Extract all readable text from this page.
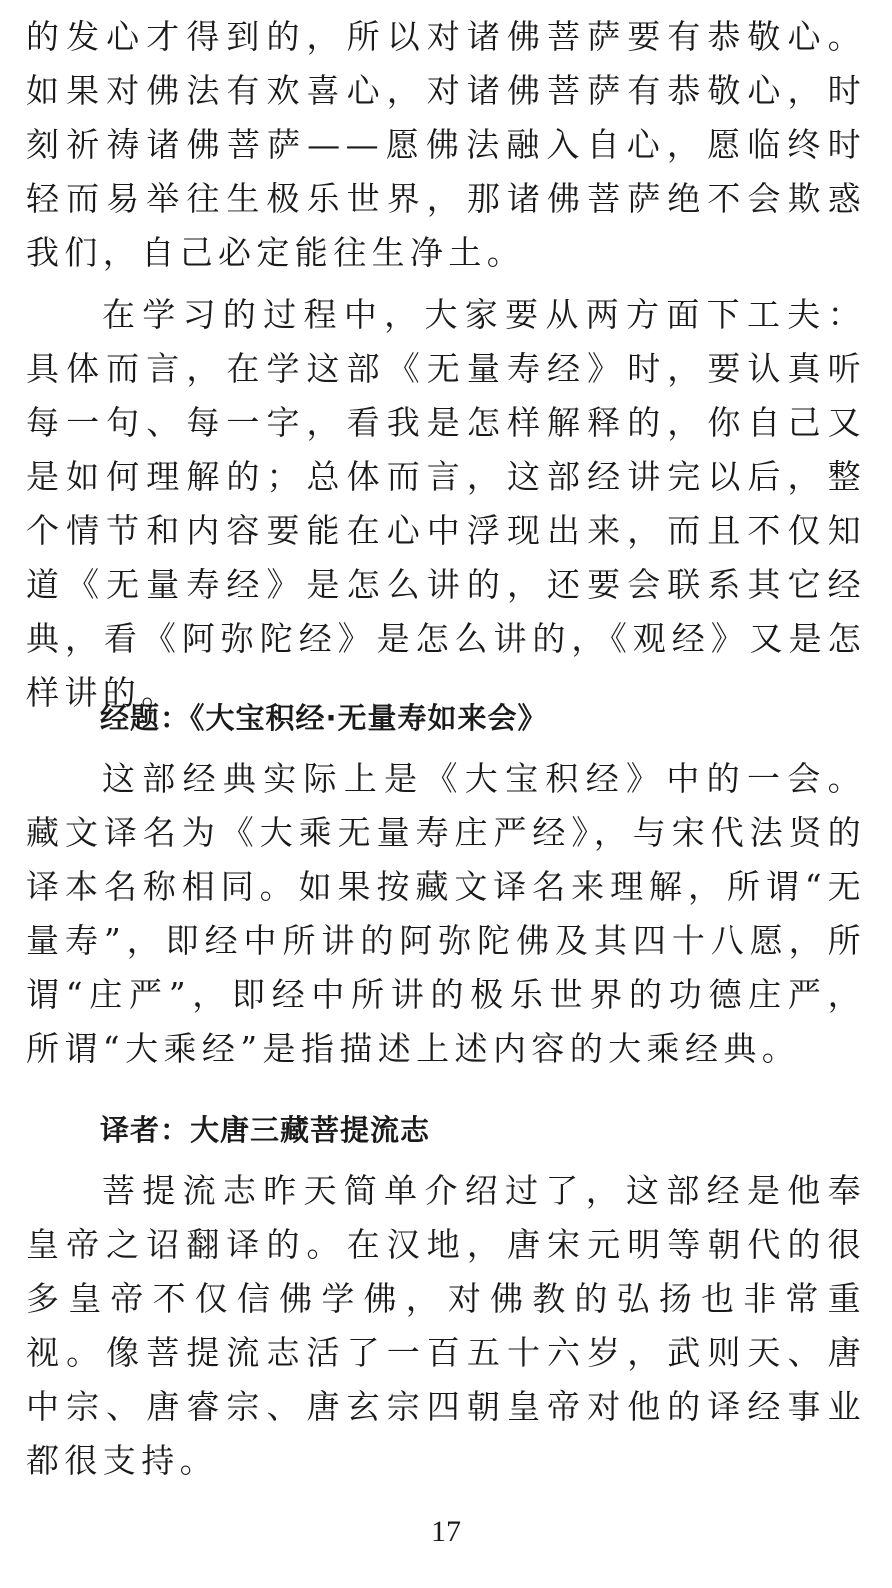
的发心才得到的，所以对诸佛菩萨要有恭敬心。如果对佛法有欢喜心，对诸佛菩萨有恭敬心，时刻祈祷诸佛菩萨——愿佛法融入自心，愿临终时轻而易举往生极乐世界，那诸佛菩萨绝不会欺惑我们，自己必定能往生净土。

在学习的过程中，大家要从两方面下工夫：具体而言，在学这部《无量寿经》时，要认真听每一句、每一字，看我是怎样解释的，你自己又是如何理解的；总体而言，这部经讲完以后，整个情节和内容要能在心中浮现出来，而且不仅知道《无量寿经》是怎么讲的，还要会联系其它经典，看《阿弥陀经》是怎么讲的，《观经》又是怎样讲的。

经题：《大宝积经·无量寿如来会》

这部经典实际上是《大宝积经》中的一会。藏文译名为《大乘无量寿庄严经》，与宋代法贤的译本名称相同。如果按藏文译名来理解，所谓“无量寿”，即经中所讲的阿弥陀佛及其四十八愿，所谓“庄严”，即经中所讲的极乐世界的功德庄严，所谓“大乘经”是指描述上述内容的大乘经典。

译者：大唐三藏菩提流志

菩提流志昨天简单介绍过了，这部经是他奉皇帝之诏翻译的。在汉地，唐宋元明等朝代的很多皇帝不仅信佛学佛，对佛教的弘扬也非常重视。像菩提流志活了一百五十六岁，武则天、唐中宗、唐睿宗、唐玄宗四朝皇帝对他的译经事业都很支持。

17
